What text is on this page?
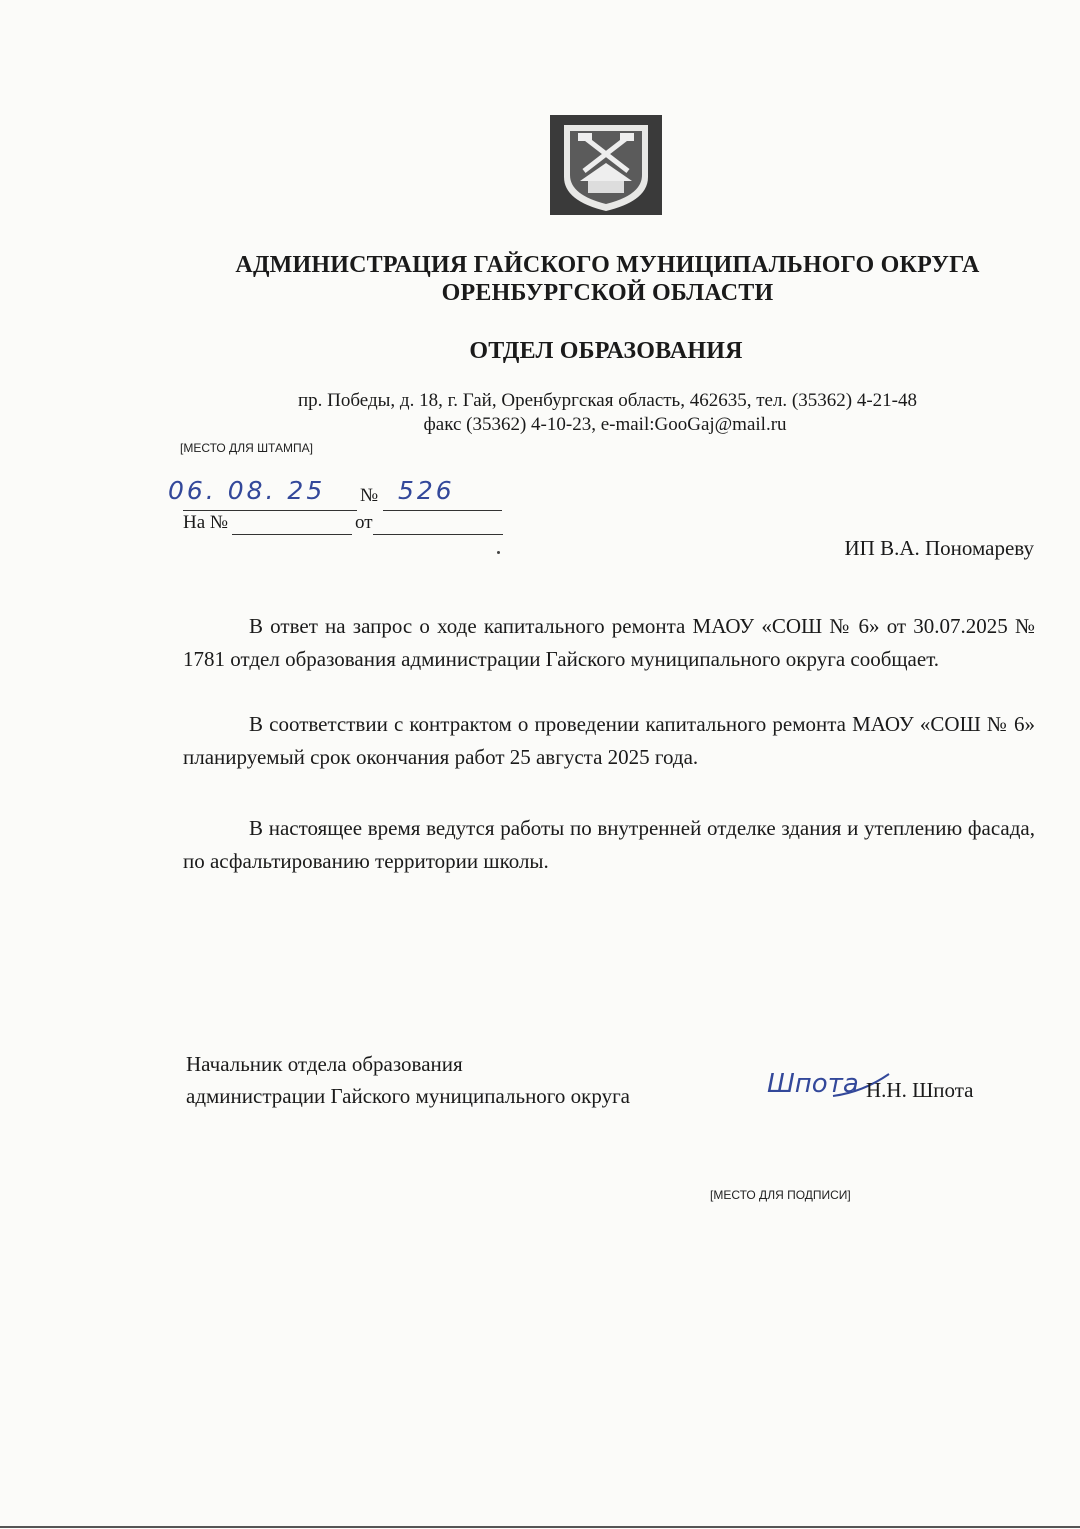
АДМИНИСТРАЦИЯ ГАЙСКОГО МУНИЦИПАЛЬНОГО ОКРУГА
ОРЕНБУРГСКОЙ ОБЛАСТИ
ОТДЕЛ ОБРАЗОВАНИЯ
пр. Победы, д. 18, г. Гай, Оренбургская область, 462635, тел. (35362) 4-21-48
факс (35362) 4-10-23, e-mail:GooGaj@mail.ru
[МЕСТО ДЛЯ ШТАМПА]
06. 08. 25 № 526
На №	от
ИП В.А. Пономареву

В ответ на запрос о ходе капитального ремонта МАОУ «СОШ № 6» от 30.07.2025 № 1781 отдел образования администрации Гайского муниципального округа сообщает.

В соответствии с контрактом о проведении капитального ремонта МАОУ «СОШ № 6» планируемый срок окончания работ 25 августа 2025 года.

В настоящее время ведутся работы по внутренней отделке здания и утеплению фасада, по асфальтированию территории школы.

Начальник отдела образования
администрации Гайского муниципального округа	Шпота Н.Н. Шпота
[МЕСТО ДЛЯ ПОДПИСИ]
